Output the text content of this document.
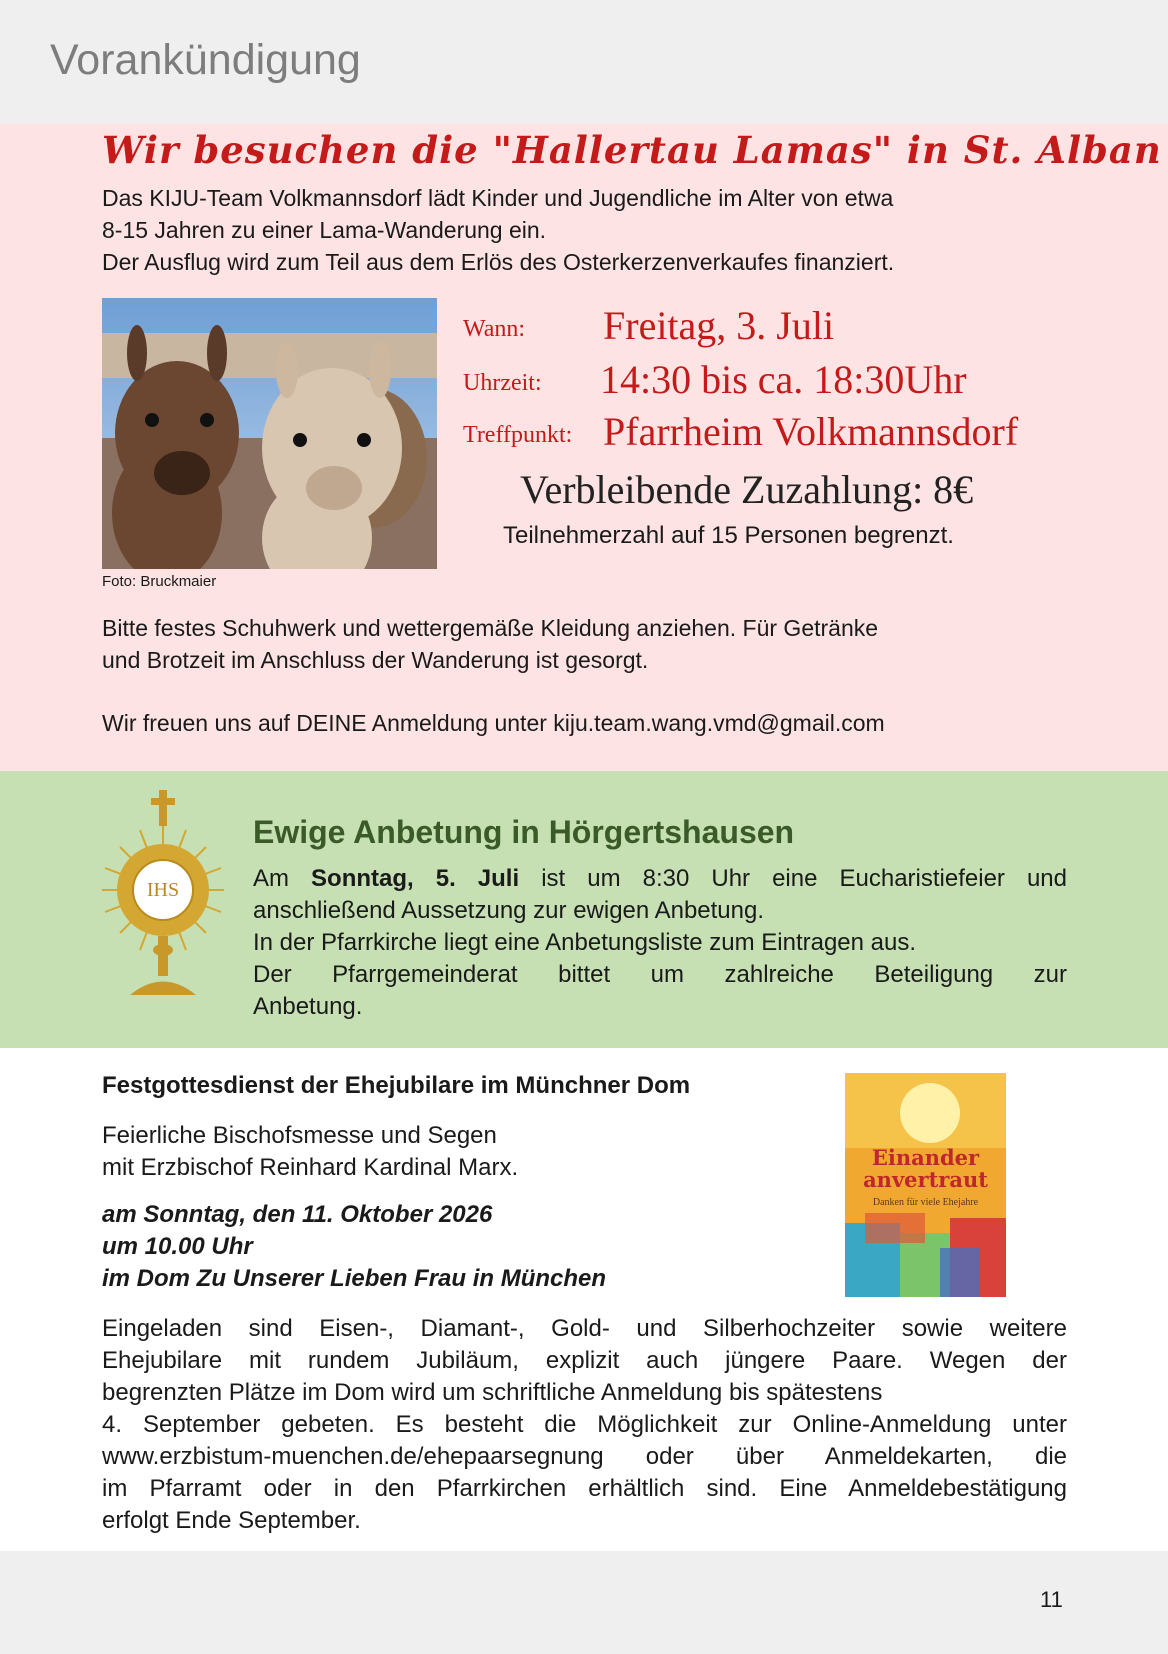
Vorankündigung
Wir besuchen die "Hallertau Lamas" in St. Alban
Das KIJU-Team Volkmannsdorf lädt Kinder und Jugendliche im Alter von etwa
8-15 Jahren zu einer Lama-Wanderung ein.
Der Ausflug wird zum Teil aus dem Erlös des Osterkerzenverkaufes finanziert.
Foto: Bruckmaier
Wann: Freitag, 3. Juli
Uhrzeit: 14:30 bis ca. 18:30Uhr
Treffpunkt: Pfarrheim Volkmannsdorf
Verbleibende Zuzahlung: 8€
Teilnehmerzahl auf 15 Personen begrenzt.
Bitte festes Schuhwerk und wettergemäße Kleidung anziehen. Für Getränke
und Brotzeit im Anschluss der Wanderung ist gesorgt.
Wir freuen uns auf DEINE Anmeldung unter kiju.team.wang.vmd@gmail.com
IHS
Ewige Anbetung in Hörgertshausen
Am Sonntag, 5. Juli ist um 8:30 Uhr eine Eucharistiefeier und
anschließend Aussetzung zur ewigen Anbetung.
In der Pfarrkirche liegt eine Anbetungsliste zum Eintragen aus.
Der Pfarrgemeinderat bittet um zahlreiche Beteiligung zur
Anbetung.
Festgottesdienst der Ehejubilare im Münchner Dom
Feierliche Bischofsmesse und Segen
mit Erzbischof Reinhard Kardinal Marx.
am Sonntag, den 11. Oktober 2026
um 10.00 Uhr
im Dom Zu Unserer Lieben Frau in München
Einander
anvertraut
Danken für viele Ehejahre
Eingeladen sind Eisen-, Diamant-, Gold- und Silberhochzeiter sowie weitere
Ehejubilare mit rundem Jubiläum, explizit auch jüngere Paare. Wegen der
begrenzten Plätze im Dom wird um schriftliche Anmeldung bis spätestens
4. September gebeten. Es besteht die Möglichkeit zur Online-Anmeldung unter
www.erzbistum-muenchen.de/ehepaarsegnung oder über Anmeldekarten, die
im Pfarramt oder in den Pfarrkirchen erhältlich sind. Eine Anmeldebestätigung
erfolgt Ende September.
11
